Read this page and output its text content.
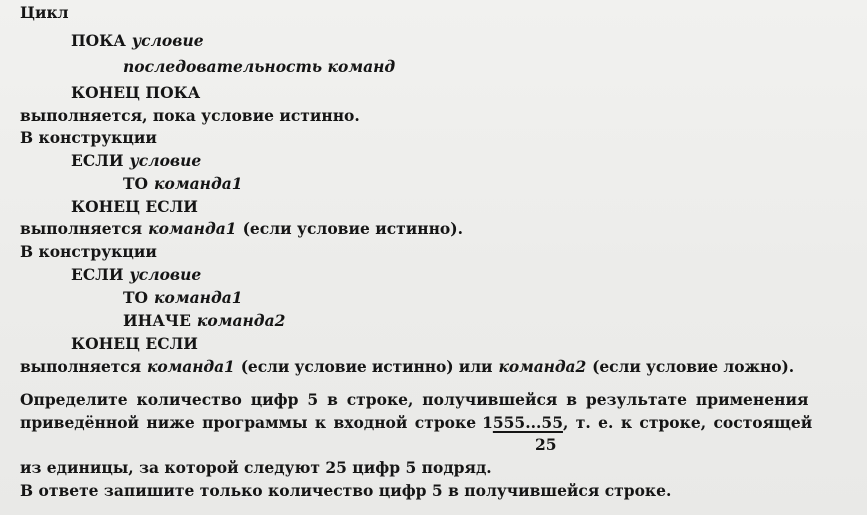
Цикл
ПОКА условие
последовательность команд
КОНЕЦ ПОКА
выполняется, пока условие истинно.
В конструкции
ЕСЛИ условие
ТО команда1
КОНЕЦ ЕСЛИ
выполняется команда1 (если условие истинно).
В конструкции
ЕСЛИ условие
ТО команда1
ИНАЧЕ команда2
КОНЕЦ ЕСЛИ
выполняется команда1 (если условие истинно) или команда2 (если условие ложно).
Определите количество цифр 5 в строке, получившейся в результате применения
приведённой ниже программы к входной строке 1555...55, т. е. к строке, состоящей
25
из единицы, за которой следуют 25 цифр 5 подряд.
В ответе запишите только количество цифр 5 в получившейся строке.
